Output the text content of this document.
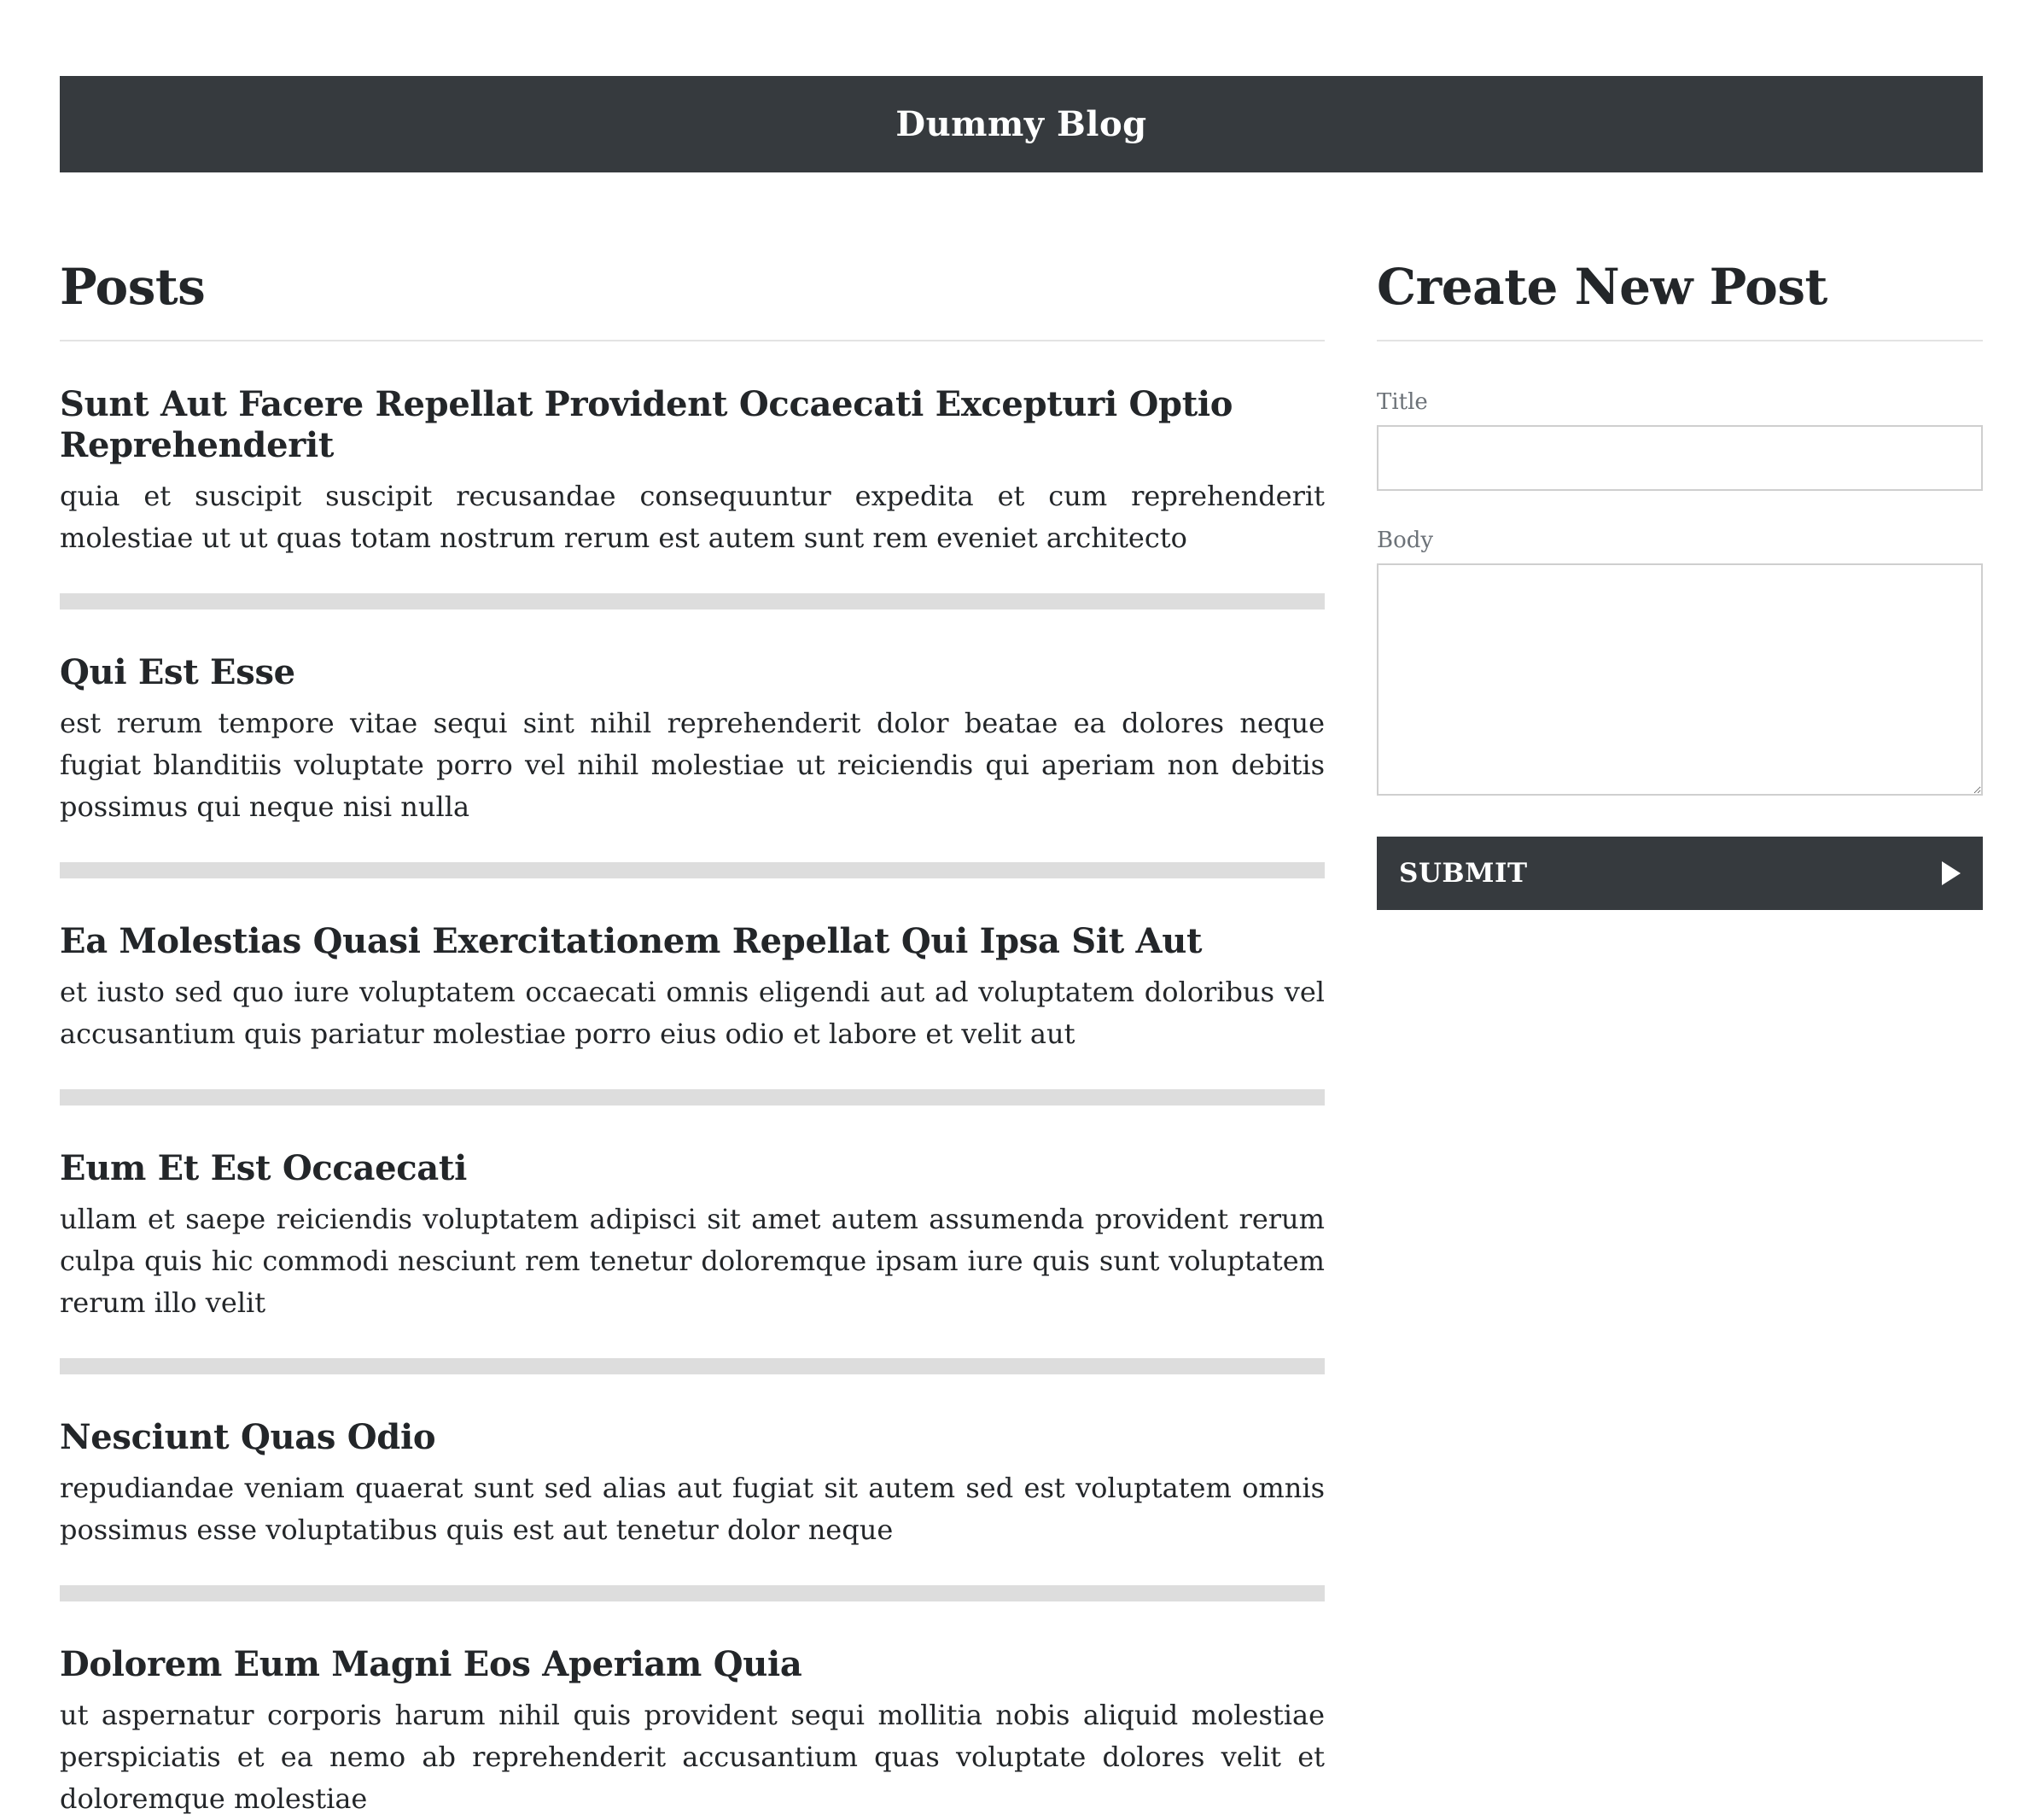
Dummy Blog
Posts
Sunt Aut Facere Repellat Provident Occaecati Excepturi Optio Reprehenderit

quia et suscipit suscipit recusandae consequuntur expedita et cum reprehenderit molestiae ut ut quas totam nostrum rerum est autem sunt rem eveniet architecto

Qui Est Esse

est rerum tempore vitae sequi sint nihil reprehenderit dolor beatae ea dolores neque fugiat blanditiis voluptate porro vel nihil molestiae ut reiciendis qui aperiam non debitis possimus qui neque nisi nulla

Ea Molestias Quasi Exercitationem Repellat Qui Ipsa Sit Aut

et iusto sed quo iure voluptatem occaecati omnis eligendi aut ad voluptatem doloribus vel accusantium quis pariatur molestiae porro eius odio et labore et velit aut

Eum Et Est Occaecati

ullam et saepe reiciendis voluptatem adipisci sit amet autem assumenda provident rerum culpa quis hic commodi nesciunt rem tenetur doloremque ipsam iure quis sunt voluptatem rerum illo velit

Nesciunt Quas Odio

repudiandae veniam quaerat sunt sed alias aut fugiat sit autem sed est voluptatem omnis possimus esse voluptatibus quis est aut tenetur dolor neque

Dolorem Eum Magni Eos Aperiam Quia

ut aspernatur corporis harum nihil quis provident sequi mollitia nobis aliquid molestiae perspiciatis et ea nemo ab reprehenderit accusantium quas voluptate dolores velit et doloremque molestiae

Create New Post
Title
Body
SUBMIT
